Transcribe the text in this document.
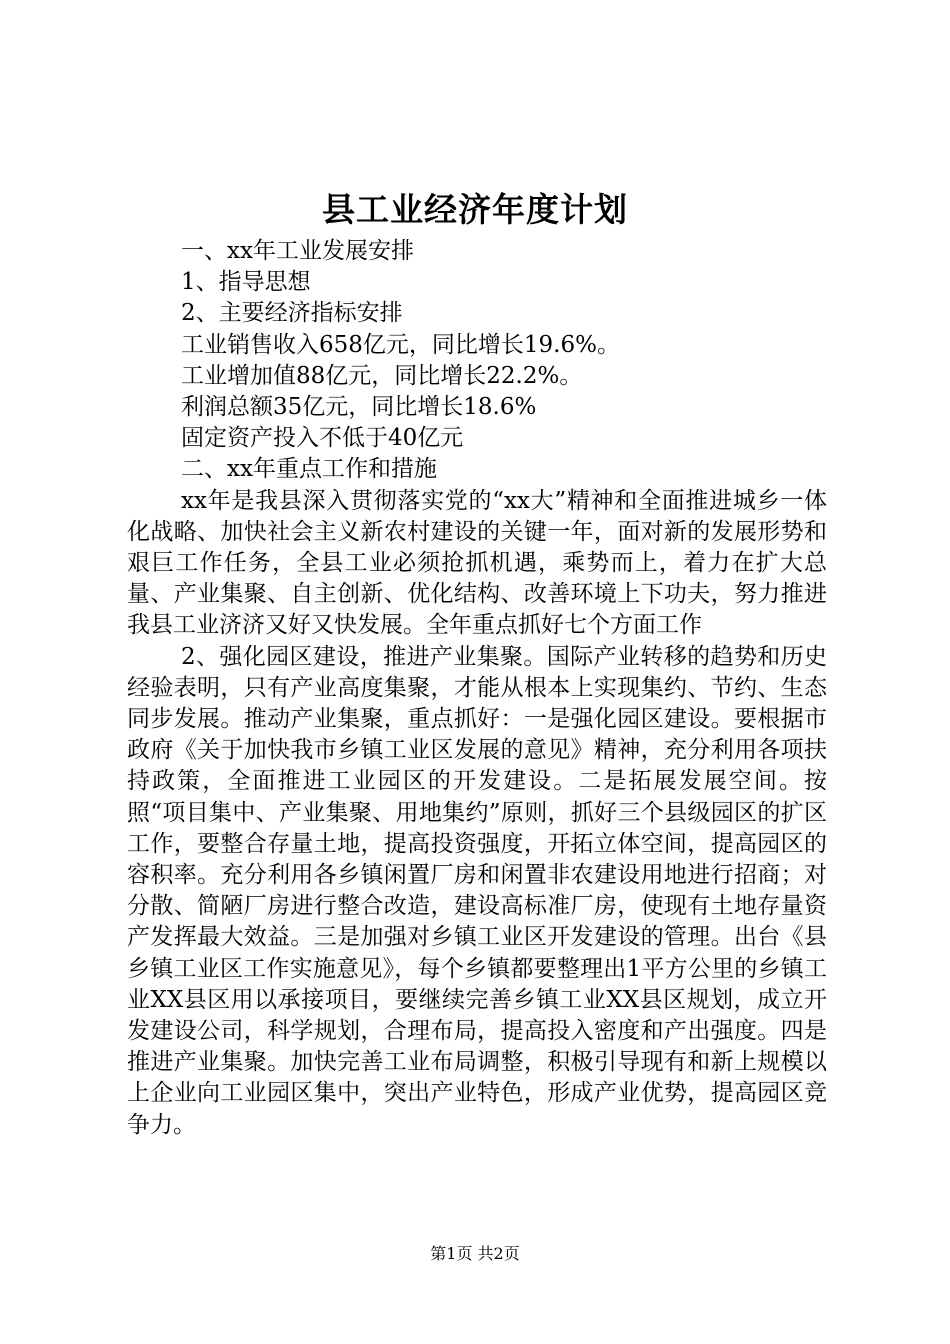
县工业经济年度计划
一、xx年工业发展安排
1、指导思想
2、主要经济指标安排
工业销售收入658亿元，同比增长19.6%。
工业增加值88亿元，同比增长22.2%。
利润总额35亿元，同比增长18.6%
固定资产投入不低于40亿元
二、xx年重点工作和措施
xx年是我县深入贯彻落实党的“xx大”精神和全面推进城乡一体化战略、加快社会主义新农村建设的关键一年，面对新的发展形势和艰巨工作任务，全县工业必须抢抓机遇，乘势而上，着力在扩大总量、产业集聚、自主创新、优化结构、改善环境上下功夫，努力推进我县工业济济又好又快发展。全年重点抓好七个方面工作
2、强化园区建设，推进产业集聚。国际产业转移的趋势和历史经验表明，只有产业高度集聚，才能从根本上实现集约、节约、生态同步发展。推动产业集聚，重点抓好：一是强化园区建设。要根据市政府《关于加快我市乡镇工业区发展的意见》精神，充分利用各项扶持政策，全面推进工业园区的开发建设。二是拓展发展空间。按照“项目集中、产业集聚、用地集约”原则，抓好三个县级园区的扩区工作，要整合存量土地，提高投资强度，开拓立体空间，提高园区的容积率。充分利用各乡镇闲置厂房和闲置非农建设用地进行招商；对分散、简陋厂房进行整合改造，建设高标准厂房，使现有土地存量资产发挥最大效益。三是加强对乡镇工业区开发建设的管理。出台《县乡镇工业区工作实施意见》，每个乡镇都要整理出1平方公里的乡镇工业XX县区用以承接项目，要继续完善乡镇工业XX县区规划，成立开发建设公司，科学规划，合理布局，提高投入密度和产出强度。四是推进产业集聚。加快完善工业布局调整，积极引导现有和新上规模以上企业向工业园区集中，突出产业特色，形成产业优势，提高园区竞争力。
第1页 共2页
